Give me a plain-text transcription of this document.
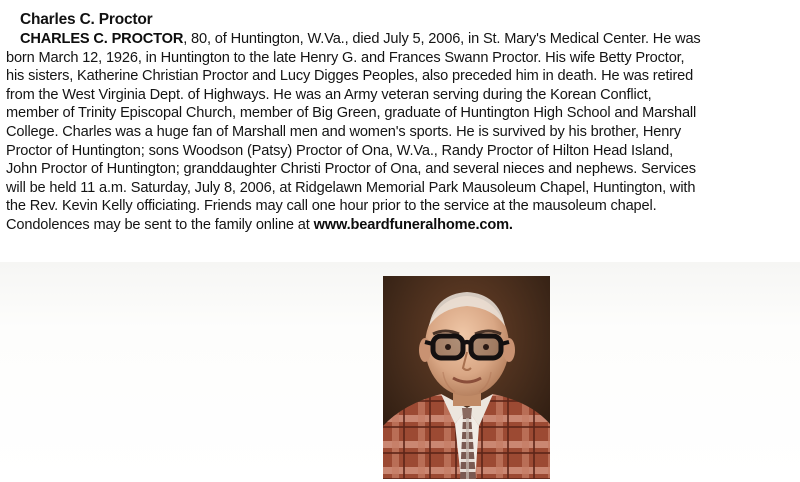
Charles C. Proctor
CHARLES C. PROCTOR, 80, of Huntington, W.Va., died July 5, 2006, in St. Mary's Medical Center. He was
born March 12, 1926, in Huntington to the late Henry G. and Frances Swann Proctor. His wife Betty Proctor,
his sisters, Katherine Christian Proctor and Lucy Digges Peoples, also preceded him in death. He was retired
from the West Virginia Dept. of Highways. He was an Army veteran serving during the Korean Conflict,
member of Trinity Episcopal Church, member of Big Green, graduate of Huntington High School and Marshall
College. Charles was a huge fan of Marshall men and women's sports. He is survived by his brother, Henry
Proctor of Huntington; sons Woodson (Patsy) Proctor of Ona, W.Va., Randy Proctor of Hilton Head Island,
John Proctor of Huntington; granddaughter Christi Proctor of Ona, and several nieces and nephews. Services
will be held 11 a.m. Saturday, July 8, 2006, at Ridgelawn Memorial Park Mausoleum Chapel, Huntington, with
the Rev. Kevin Kelly officiating. Friends may call one hour prior to the service at the mausoleum chapel.
Condolences may be sent to the family online at www.beardfuneralhome.com.
